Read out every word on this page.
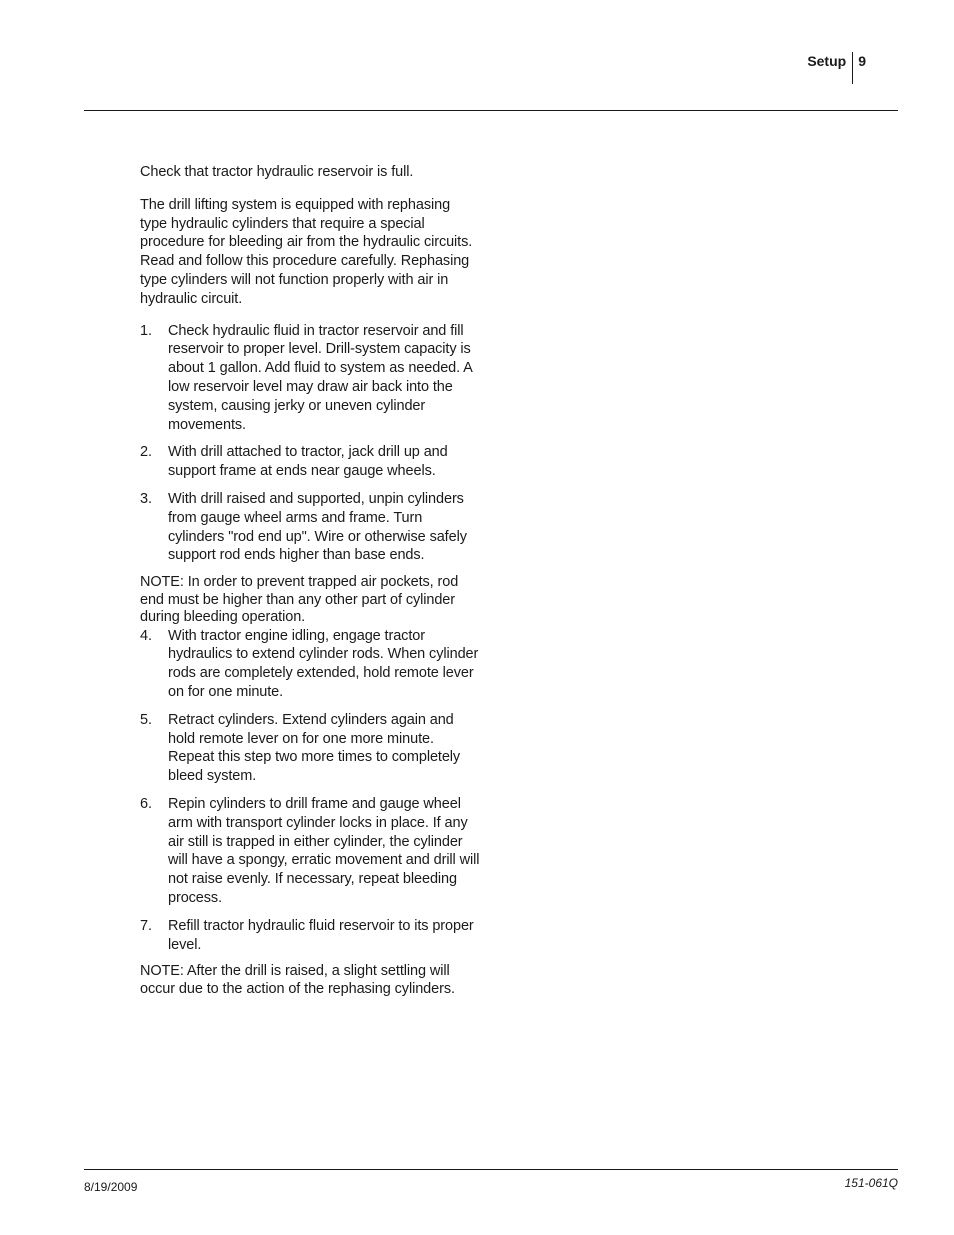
Setup 9

Check that tractor hydraulic reservoir is full.

The drill lifting system is equipped with rephasing type hydraulic cylinders that require a special procedure for bleeding air from the hydraulic circuits. Read and follow this procedure carefully. Rephasing type cylinders will not function properly with air in hydraulic circuit.

1.	Check hydraulic fluid in tractor reservoir and fill reservoir to proper level. Drill-system capacity is about 1 gallon. Add fluid to system as needed. A low reservoir level may draw air back into the system, causing jerky or uneven cylinder movements.
2.	With drill attached to tractor, jack drill up and support frame at ends near gauge wheels.
3.	With drill raised and supported, unpin cylinders from gauge wheel arms and frame. Turn cylinders "rod end up". Wire or otherwise safely support rod ends higher than base ends.

NOTE: In order to prevent trapped air pockets, rod end must be higher than any other part of cylinder during bleeding operation.

4.	With tractor engine idling, engage tractor hydraulics to extend cylinder rods. When cylinder rods are completely extended, hold remote lever on for one minute.
5.	Retract cylinders. Extend cylinders again and hold remote lever on for one more minute. Repeat this step two more times to completely bleed system.
6.	Repin cylinders to drill frame and gauge wheel arm with transport cylinder locks in place. If any air still is trapped in either cylinder, the cylinder will have a spongy, erratic movement and drill will not raise evenly. If necessary, repeat bleeding process.
7.	Refill tractor hydraulic fluid reservoir to its proper level.

NOTE: After the drill is raised, a slight settling will occur due to the action of the rephasing cylinders.

8/19/2009	151-061Q
